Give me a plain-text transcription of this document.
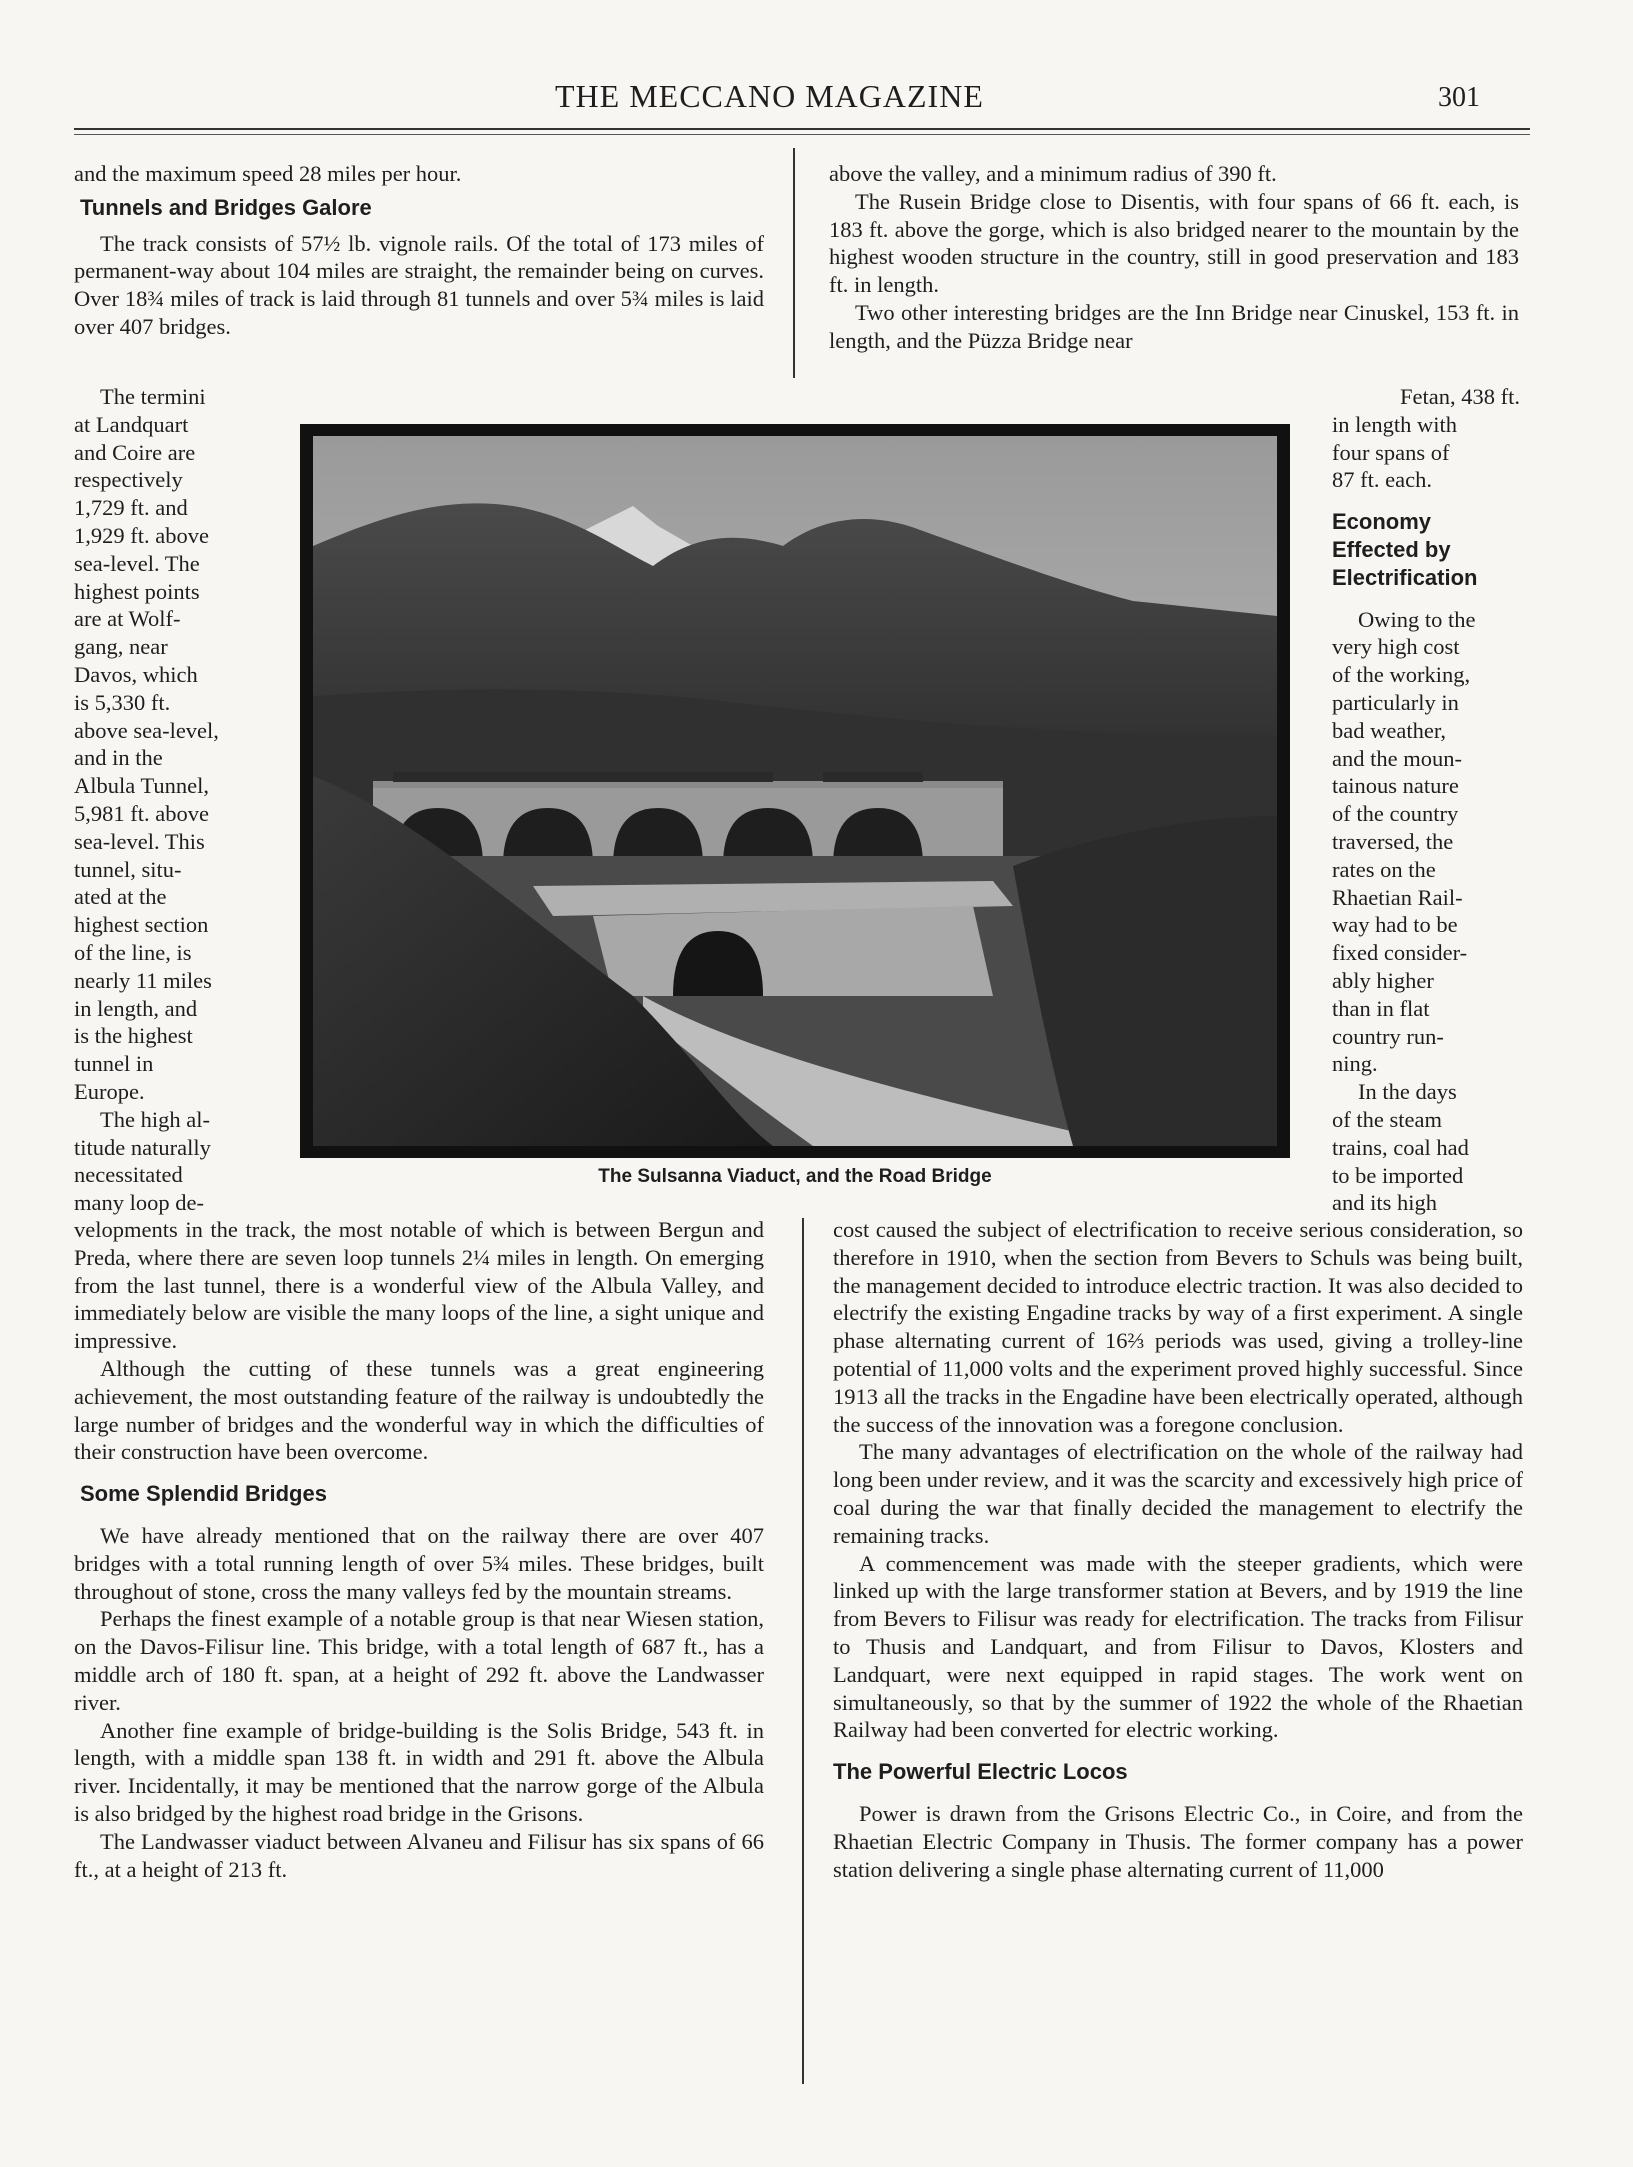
THE MECCANO MAGAZINE	301

and the maximum speed 28 miles per hour.

Tunnels and Bridges Galore

The track consists of 57½ lb. vignole rails. Of the total of 173 miles of permanent-way about 104 miles are straight, the remainder being on curves. Over 18¾ miles of track is laid through 81 tunnels and over 5¾ miles is laid over 407 bridges.

The termini

at Landquart

and Coire are

respectively

1,729 ft. and

1,929 ft. above

sea-level. The

highest points

are at Wolf-

gang, near

Davos, which

is 5,330 ft.

above sea-level,

and in the

Albula Tunnel,

5,981 ft. above

sea-level. This

tunnel, situ-

ated at the

highest section

of the line, is

nearly 11 miles

in length, and

is the highest

tunnel in

Europe.

The high al-

titude naturally

necessitated

many loop de-

velopments in the track, the most notable of which is between Bergun and Preda, where there are seven loop tunnels 2¼ miles in length. On emerging from the last tunnel, there is a wonderful view of the Albula Valley, and immediately below are visible the many loops of the line, a sight unique and impressive.

Although the cutting of these tunnels was a great engineering achievement, the most outstanding feature of the railway is undoubtedly the large number of bridges and the wonderful way in which the difficulties of their construction have been overcome.

Some Splendid Bridges

We have already mentioned that on the railway there are over 407 bridges with a total running length of over 5¾ miles. These bridges, built throughout of stone, cross the many valleys fed by the mountain streams.

Perhaps the finest example of a notable group is that near Wiesen station, on the Davos-Filisur line. This bridge, with a total length of 687 ft., has a middle arch of 180 ft. span, at a height of 292 ft. above the Landwasser river.

Another fine example of bridge-building is the Solis Bridge, 543 ft. in length, with a middle span 138 ft. in width and 291 ft. above the Albula river. Incidentally, it may be mentioned that the narrow gorge of the Albula is also bridged by the highest road bridge in the Grisons.

The Landwasser viaduct between Alvaneu and Filisur has six spans of 66 ft., at a height of 213 ft.

above the valley, and a minimum radius of 390 ft.

The Rusein Bridge close to Disentis, with four spans of 66 ft. each, is 183 ft. above the gorge, which is also bridged nearer to the mountain by the highest wooden structure in the country, still in good preservation and 183 ft. in length.

Two other interesting bridges are the Inn Bridge near Cinuskel, 153 ft. in length, and the Püzza Bridge near

Fetan, 438 ft.

in length with

four spans of

87 ft. each.

Economy

Effected by

Electrification

Owing to the

very high cost

of the working,

particularly in

bad weather,

and the moun-

tainous nature

of the country

traversed, the

rates on the

Rhaetian Rail-

way had to be

fixed consider-

ably higher

than in flat

country run-

ning.

In the days

of the steam

trains, coal had

to be imported

and its high

cost caused the subject of electrification to receive serious consideration, so therefore in 1910, when the section from Bevers to Schuls was being built, the management decided to introduce electric traction. It was also decided to electrify the existing Engadine tracks by way of a first experiment. A single phase alternating current of 16⅔ periods was used, giving a trolley-line potential of 11,000 volts and the experiment proved highly successful. Since 1913 all the tracks in the Engadine have been electrically operated, although the success of the innovation was a foregone conclusion.

The many advantages of electrification on the whole of the railway had long been under review, and it was the scarcity and excessively high price of coal during the war that finally decided the management to electrify the remaining tracks.

A commencement was made with the steeper gradients, which were linked up with the large transformer station at Bevers, and by 1919 the line from Bevers to Filisur was ready for electrification. The tracks from Filisur to Thusis and Landquart, and from Filisur to Davos, Klosters and Landquart, were next equipped in rapid stages. The work went on simultaneously, so that by the summer of 1922 the whole of the Rhaetian Railway had been converted for electric working.

The Powerful Electric Locos

Power is drawn from the Grisons Electric Co., in Coire, and from the Rhaetian Electric Company in Thusis. The former company has a power station delivering a single phase alternating current of 11,000

The Sulsanna Viaduct, and the Road Bridge
